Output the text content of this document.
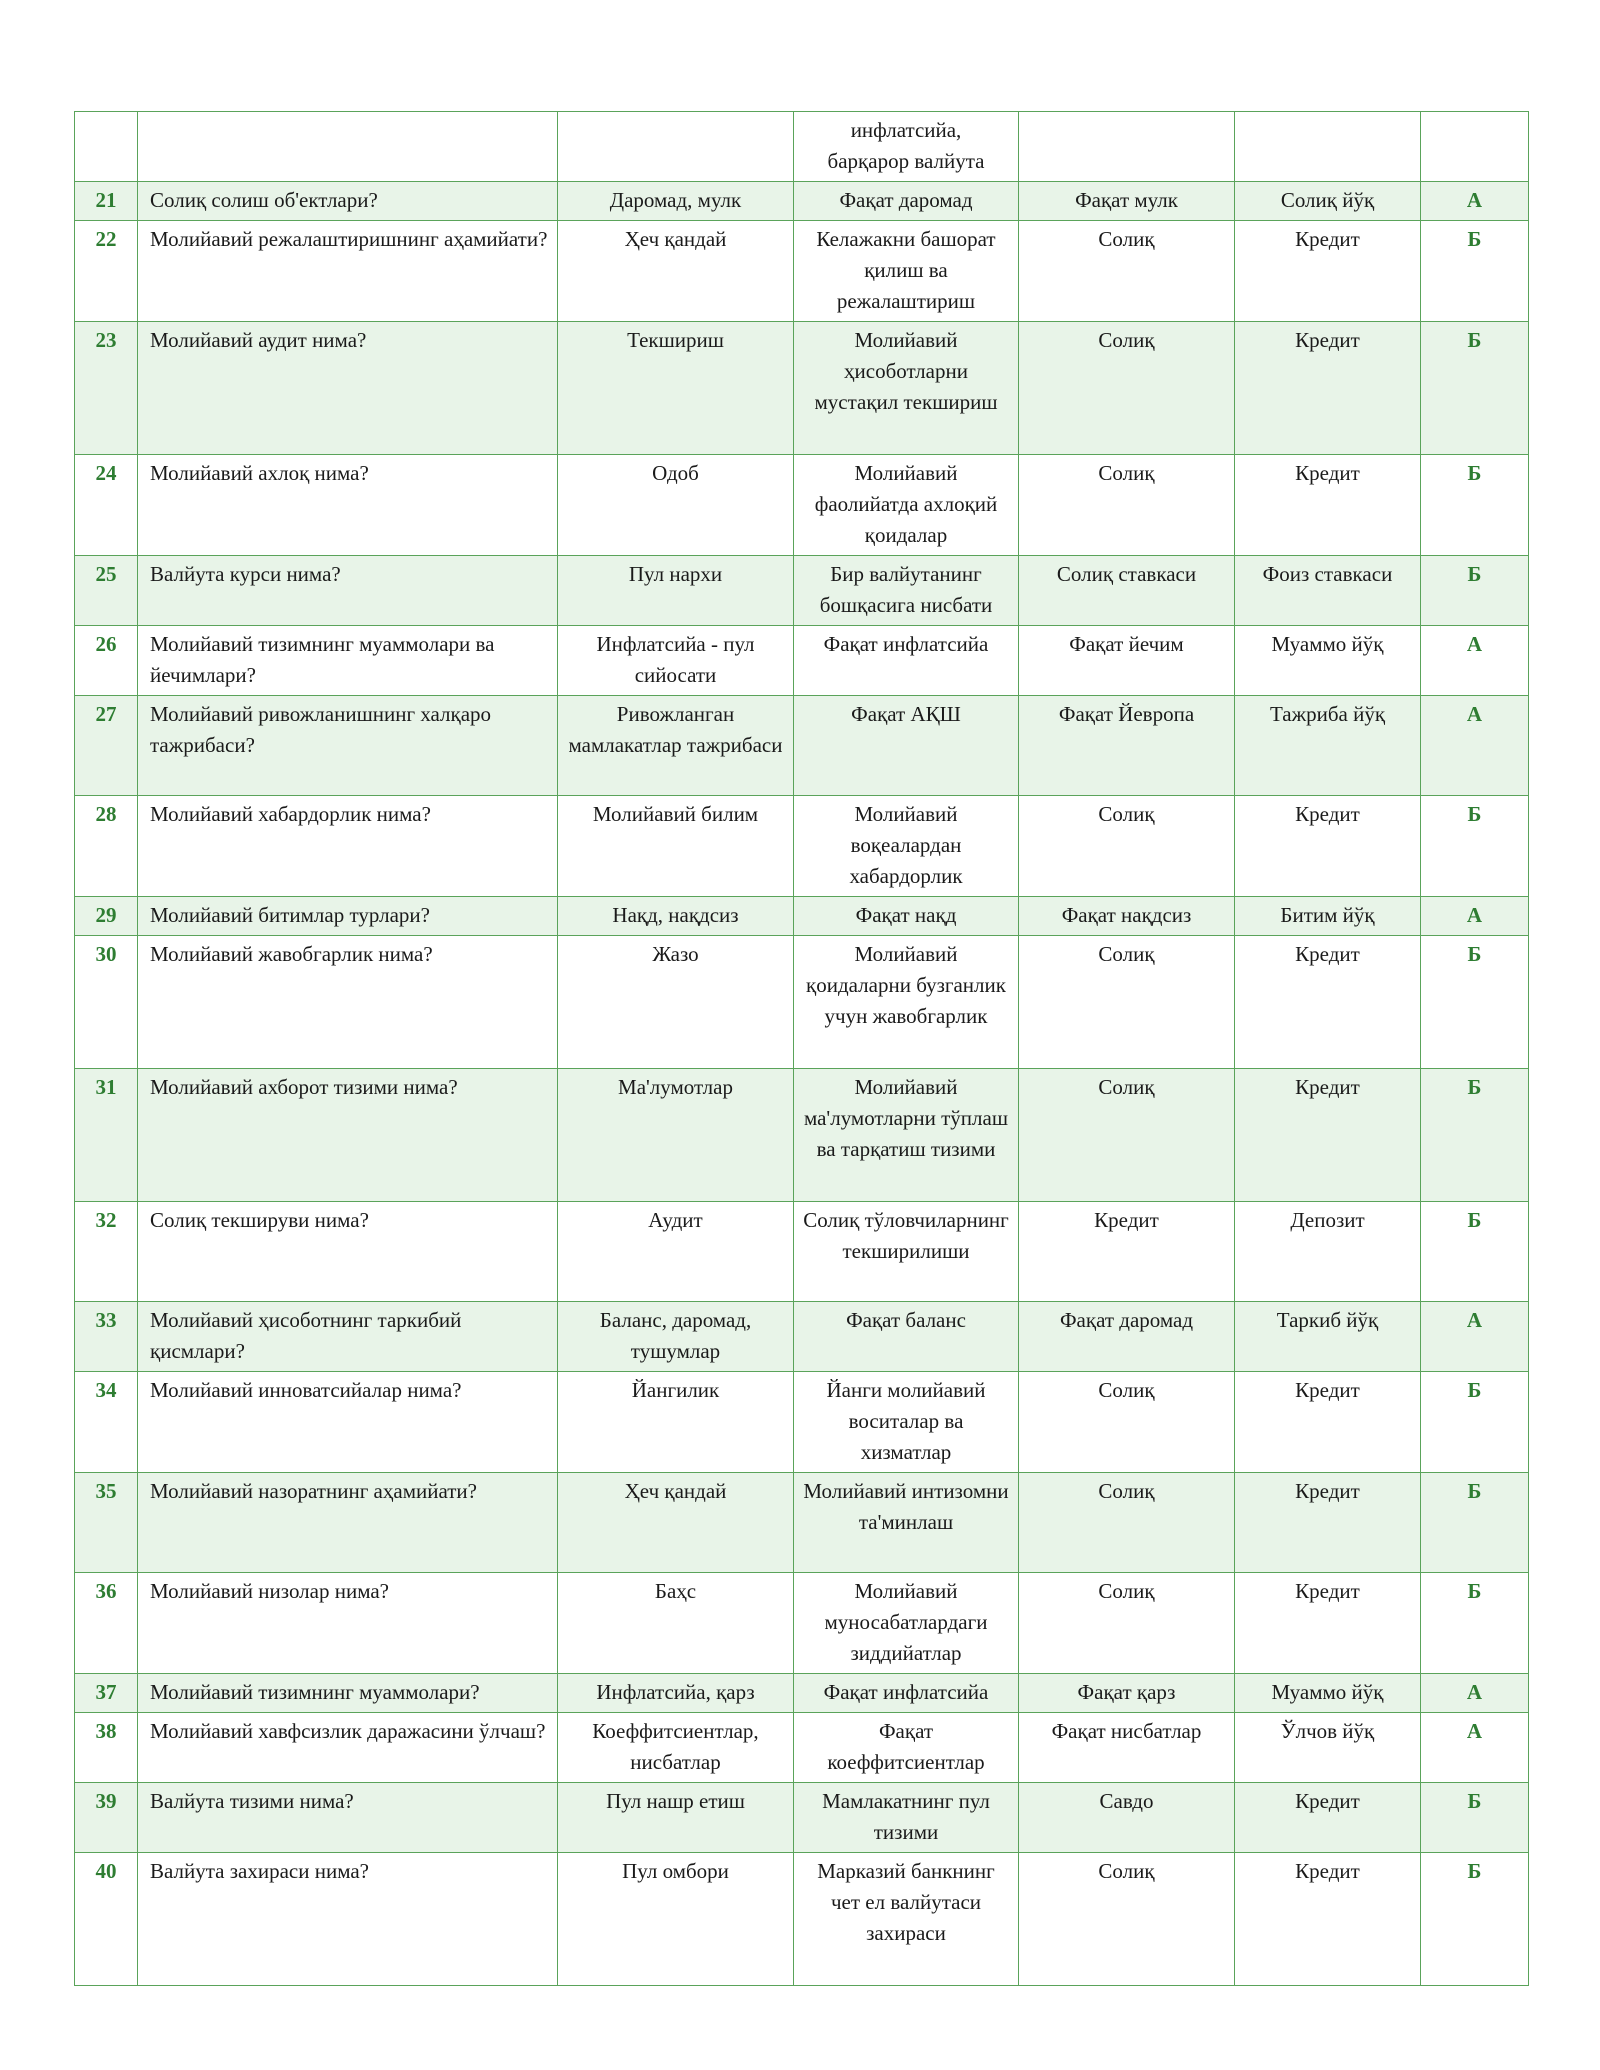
			инфлатсийа,
барқарор валйута			
21	Солиқ солиш об'ектлари?	Даромад, мулк	Фақат даромад	Фақат мулк	Солиқ йўқ	А
22	Молийавий режалаштиришнинг аҳамийати?	Ҳеч қандай	Келажакни башорат қилиш ва режалаштириш	Солиқ	Кредит	Б
23	Молийавий аудит нима?	Текшириш	Молийавий ҳисоботларни мустақил текшириш	Солиқ	Кредит	Б
24	Молийавий ахлоқ нима?	Одоб	Молийавий фаолийатда ахлоқий қоидалар	Солиқ	Кредит	Б
25	Валйута курси нима?	Пул нархи	Бир валйутанинг бошқасига нисбати	Солиқ ставкаси	Фоиз ставкаси	Б
26	Молийавий тизимнинг муаммолари ва йечимлари?	Инфлатсийа - пул сийосати	Фақат инфлатсийа	Фақат йечим	Муаммо йўқ	А
27	Молийавий ривожланишнинг халқаро тажрибаси?	Ривожланган мамлакатлар тажрибаси	Фақат АҚШ	Фақат Йевропа	Тажриба йўқ	А
28	Молийавий хабардорлик нима?	Молийавий билим	Молийавий воқеалардан хабардорлик	Солиқ	Кредит	Б
29	Молийавий битимлар турлари?	Нақд, нақдсиз	Фақат нақд	Фақат нақдсиз	Битим йўқ	А
30	Молийавий жавобгарлик нима?	Жазо	Молийавий қоидаларни бузганлик учун жавобгарлик	Солиқ	Кредит	Б
31	Молийавий ахборот тизими нима?	Ма'лумотлар	Молийавий ма'лумотларни тўплаш ва тарқатиш тизими	Солиқ	Кредит	Б
32	Солиқ текшируви нима?	Аудит	Солиқ тўловчиларнинг текширилиши	Кредит	Депозит	Б
33	Молийавий ҳисоботнинг таркибий қисмлари?	Баланс, даромад, тушумлар	Фақат баланс	Фақат даромад	Таркиб йўқ	А
34	Молийавий инноватсийалар нима?	Йангилик	Йанги молийавий воситалар ва хизматлар	Солиқ	Кредит	Б
35	Молийавий назоратнинг аҳамийати?	Ҳеч қандай	Молийавий интизомни та'минлаш	Солиқ	Кредит	Б
36	Молийавий низолар нима?	Баҳс	Молийавий муносабатлардаги зиддийатлар	Солиқ	Кредит	Б
37	Молийавий тизимнинг муаммолари?	Инфлатсийа, қарз	Фақат инфлатсийа	Фақат қарз	Муаммо йўқ	А
38	Молийавий хавфсизлик даражасини ўлчаш?	Коеффитсиентлар, нисбатлар	Фақат коеффитсиентлар	Фақат нисбатлар	Ўлчов йўқ	А
39	Валйута тизими нима?	Пул нашр етиш	Мамлакатнинг пул тизими	Савдо	Кредит	Б
40	Валйута захираси нима?	Пул омбори	Марказий банкнинг чет ел валйутаси захираси	Солиқ	Кредит	Б
